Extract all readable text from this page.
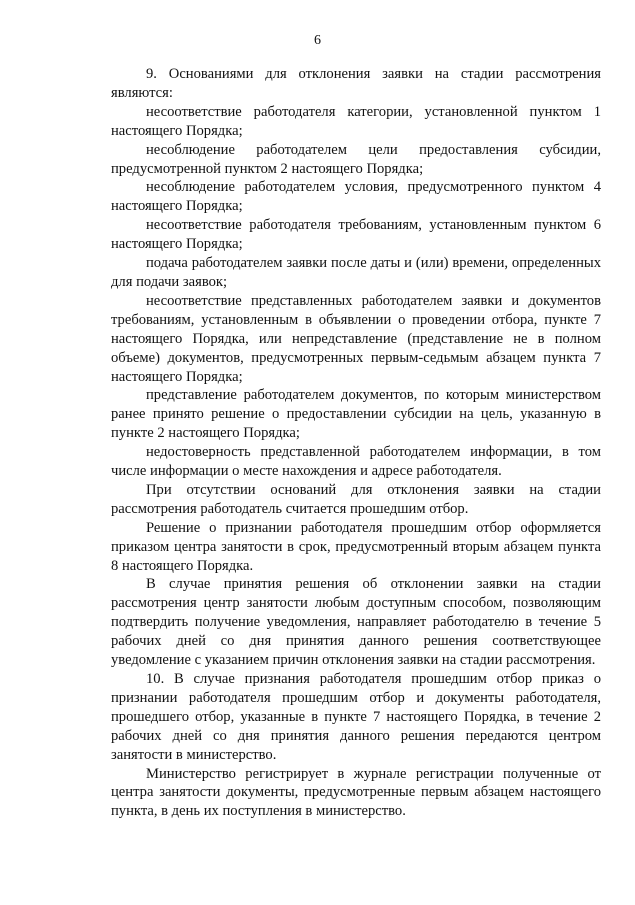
6

9. Основаниями для отклонения заявки на стадии рассмотрения являются:

несоответствие работодателя категории, установленной пунктом 1 настоящего Порядка;

несоблюдение работодателем цели предоставления субсидии, предусмотренной пунктом 2 настоящего Порядка;

несоблюдение работодателем условия, предусмотренного пунктом 4 настоящего Порядка;

несоответствие работодателя требованиям, установленным пунктом 6 настоящего Порядка;

подача работодателем заявки после даты и (или) времени, определенных для подачи заявок;

несоответствие представленных работодателем заявки и документов требованиям, установленным в объявлении о проведении отбора, пункте 7 настоящего Порядка, или непредставление (представление не в полном объеме) документов, предусмотренных первым-седьмым абзацем пункта 7 настоящего Порядка;

представление работодателем документов, по которым министерством ранее принято решение о предоставлении субсидии на цель, указанную в пункте 2 настоящего Порядка;

недостоверность представленной работодателем информации, в том числе информации о месте нахождения и адресе работодателя.

При отсутствии оснований для отклонения заявки на стадии рассмотрения работодатель считается прошедшим отбор.

Решение о признании работодателя прошедшим отбор оформляется приказом центра занятости в срок, предусмотренный вторым абзацем пункта 8 настоящего Порядка.

В случае принятия решения об отклонении заявки на стадии рассмотрения центр занятости любым доступным способом, позволяющим подтвердить получение уведомления, направляет работодателю в течение 5 рабочих дней со дня принятия данного решения соответствующее уведомление с указанием причин отклонения заявки на стадии рассмотрения.

10. В случае признания работодателя прошедшим отбор приказ о признании работодателя прошедшим отбор и документы работодателя, прошедшего отбор, указанные в пункте 7 настоящего Порядка, в течение 2 рабочих дней со дня принятия данного решения передаются центром занятости в министерство.

Министерство регистрирует в журнале регистрации полученные от центра занятости документы, предусмотренные первым абзацем настоящего пункта, в день их поступления в министерство.
